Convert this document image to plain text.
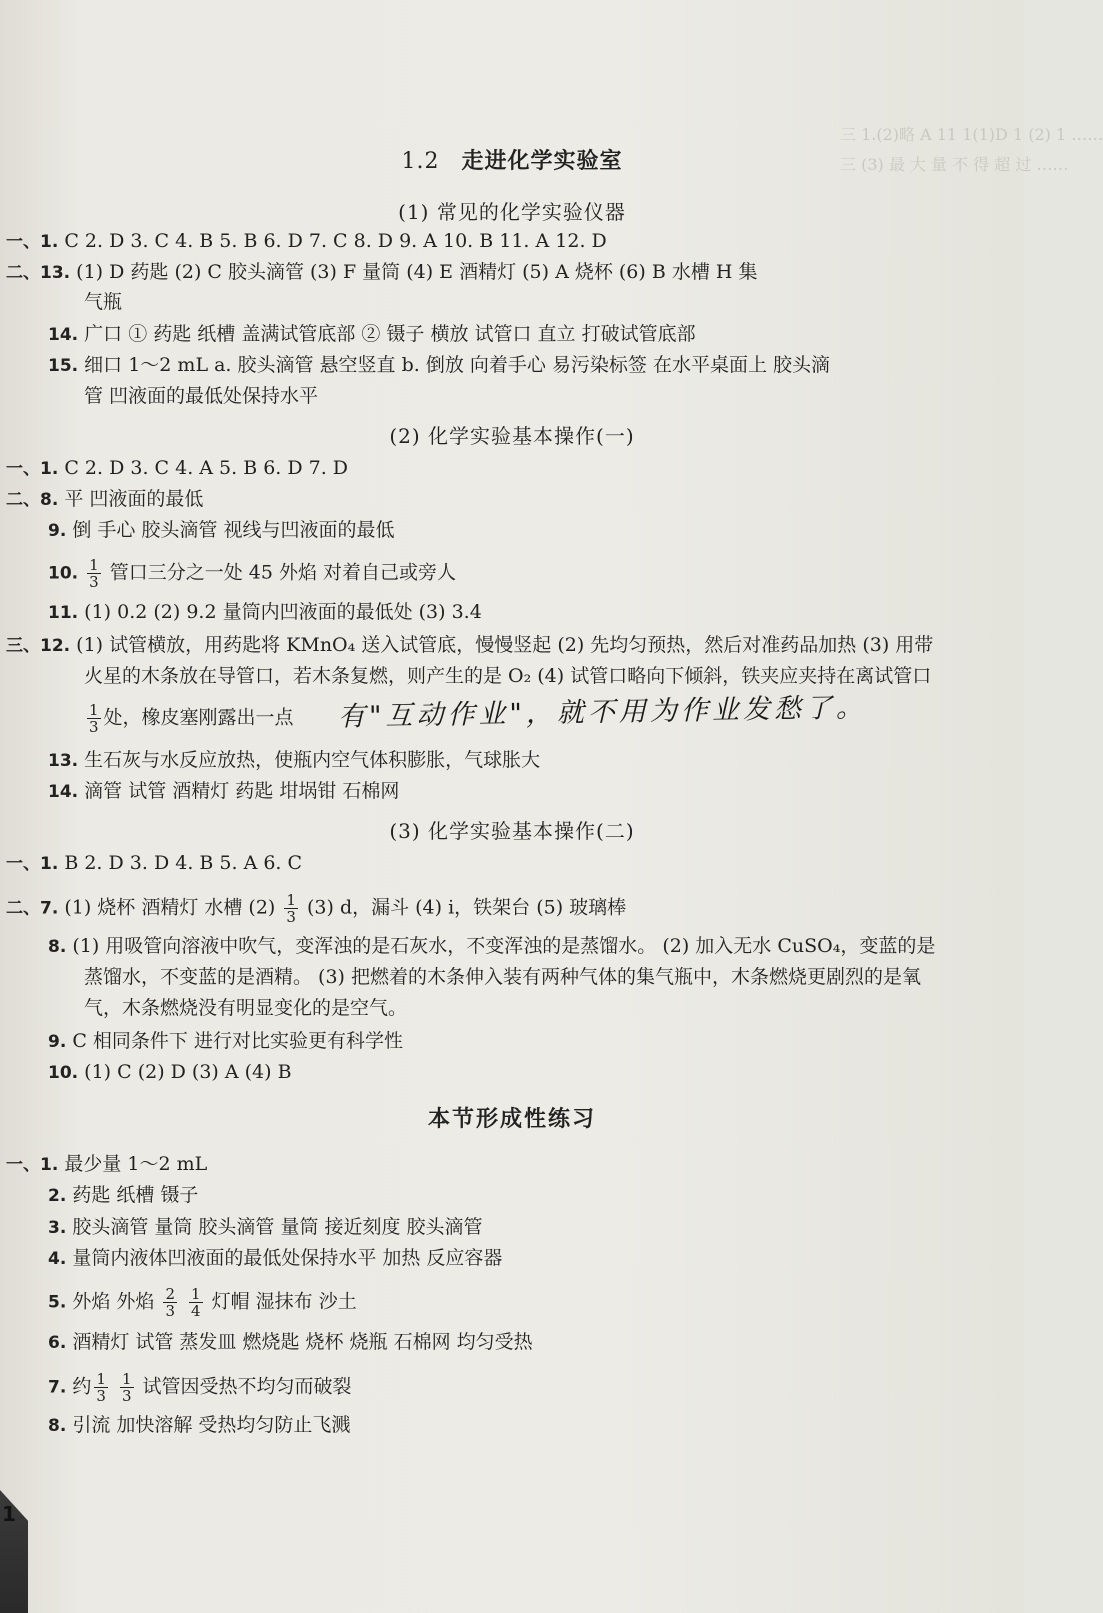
三 1.(2)略 A 11 1(1)D 1 (2) 1 ……
三 (3) 最 大 量 不 得 超 过 ……
1.2 走进化学实验室
(1) 常见的化学实验仪器
一、1. C 2. D 3. C 4. B 5. B 6. D 7. C 8. D 9. A 10. B 11. A 12. D
二、13. (1) D 药匙 (2) C 胶头滴管 (3) F 量筒 (4) E 酒精灯 (5) A 烧杯 (6) B 水槽 H 集
气瓶
14. 广口 ① 药匙 纸槽 盖满试管底部 ② 镊子 横放 试管口 直立 打破试管底部
15. 细口 1～2 mL a. 胶头滴管 悬空竖直 b. 倒放 向着手心 易污染标签 在水平桌面上 胶头滴
管 凹液面的最低处保持水平
(2) 化学实验基本操作(一)
一、1. C 2. D 3. C 4. A 5. B 6. D 7. D
二、8. 平 凹液面的最低
9. 倒 手心 胶头滴管 视线与凹液面的最低
10. $\frac{1}{3}$ 管口三分之一处 45 外焰 对着自己或旁人
11. (1) 0.2 (2) 9.2 量筒内凹液面的最低处 (3) 3.4
三、12. (1) 试管横放，用药匙将 KMnO₄ 送入试管底，慢慢竖起 (2) 先均匀预热，然后对准药品加热 (3) 用带
火星的木条放在导管口，若木条复燃，则产生的是 O₂ (4) 试管口略向下倾斜，铁夹应夹持在离试管口
$\frac{1}{3}$ 处，橡皮塞刚露出一点 有"互动作业"，就不用为作业发愁了。
13. 生石灰与水反应放热，使瓶内空气体积膨胀，气球胀大
14. 滴管 试管 酒精灯 药匙 坩埚钳 石棉网
(3) 化学实验基本操作(二)
一、1. B 2. D 3. D 4. B 5. A 6. C
二、7. (1) 烧杯 酒精灯 水槽 $(2) \frac{1}{3} (3)$ d，漏斗 (4) i，铁架台 (5) 玻璃棒
8. (1) 用吸管向溶液中吹气，变浑浊的是石灰水，不变浑浊的是蒸馏水。 (2) 加入无水 CuSO₄，变蓝的是
蒸馏水，不变蓝的是酒精。 (3) 把燃着的木条伸入装有两种气体的集气瓶中，木条燃烧更剧烈的是氧
气，木条燃烧没有明显变化的是空气。
9. C 相同条件下 进行对比实验更有科学性
10. (1) C (2) D (3) A (4) B
本节形成性练习
一、1. 最少量 1～2 mL
2. 药匙 纸槽 镊子
3. 胶头滴管 量筒 胶头滴管 量筒 接近刻度 胶头滴管
4. 量筒内液体凹液面的最低处保持水平 加热 反应容器
5. 外焰 外焰 $\frac{2}{3}$
$\frac{1}{4}$ 灯帽 湿抹布 沙土
6. 酒精灯 试管 蒸发皿 燃烧匙 烧杯 烧瓶 石棉网 均匀受热
7. 约 $\frac{1}{3}$
$\frac{1}{3}$ 试管因受热不均匀而破裂
8. 引流 加快溶解 受热均匀防止飞溅
1
